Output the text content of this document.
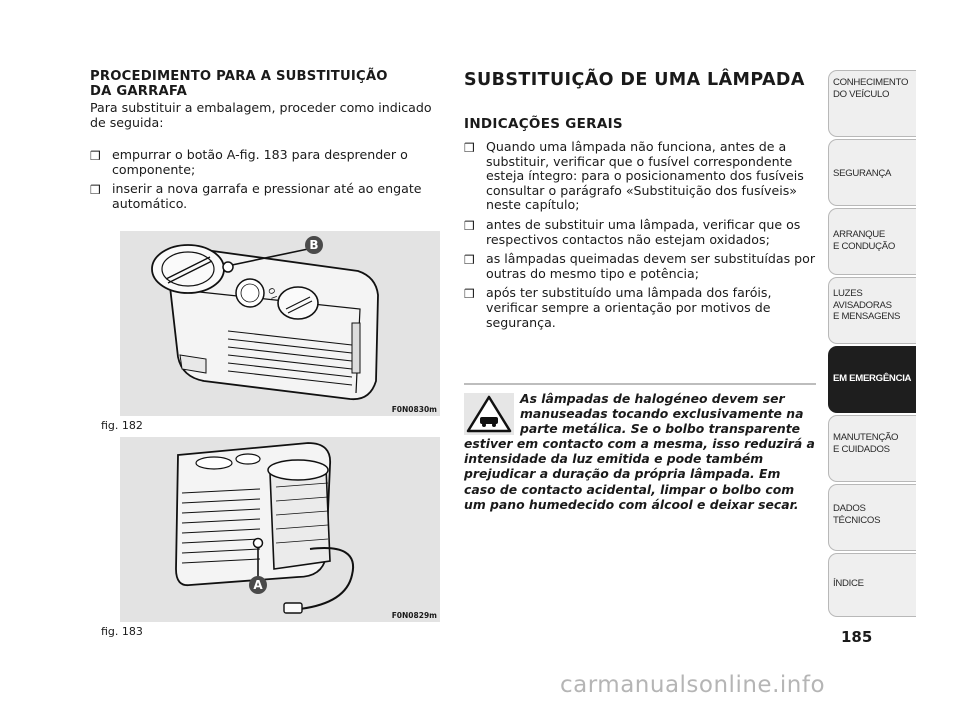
PROCEDIMENTO PARA A SUBSTITUIÇÃO
DA GARRAFA
Para substituir a embalagem, proceder como indicado de seguida:
❒ empurrar o botão A-fig. 183 para desprender o componente;
❒ inserir a nova garrafa e pressionar até ao engate automático.
O I
B
F0N0830m
fig. 182
A
F0N0829m
fig. 183
SUBSTITUIÇÃO DE UMA LÂMPADA
INDICAÇÕES GERAIS
❒ Quando uma lâmpada não funciona, antes de a substituir, verificar que o fusível correspondente esteja íntegro: para o posicionamento dos fusíveis consultar o parágrafo «Substituição dos fusíveis» neste capítulo;
❒ antes de substituir uma lâmpada, verificar que os respectivos contactos não estejam oxidados;
❒ as lâmpadas queimadas devem ser substituídas por outras do mesmo tipo e potência;
❒ após ter substituído uma lâmpada dos faróis, verificar sempre a orientação por motivos de segurança.
As lâmpadas de halogéneo devem ser manuseadas tocando exclusivamente na parte metálica. Se o bolbo transparente estiver em contacto com a mesma, isso reduzirá a intensidade da luz emitida e pode também prejudicar a duração da própria lâmpada. Em caso de contacto acidental, limpar o bolbo com um pano humedecido com álcool e deixar secar.
CONHECIMENTO
DO VEÍCULO
SEGURANÇA
ARRANQUE
E CONDUÇÃO
LUZES
AVISADORAS
E MENSAGENS
EM EMERGÊNCIA
MANUTENÇÃO
E CUIDADOS
DADOS
TÉCNICOS
ÍNDICE
185
carmanualsonline.info
